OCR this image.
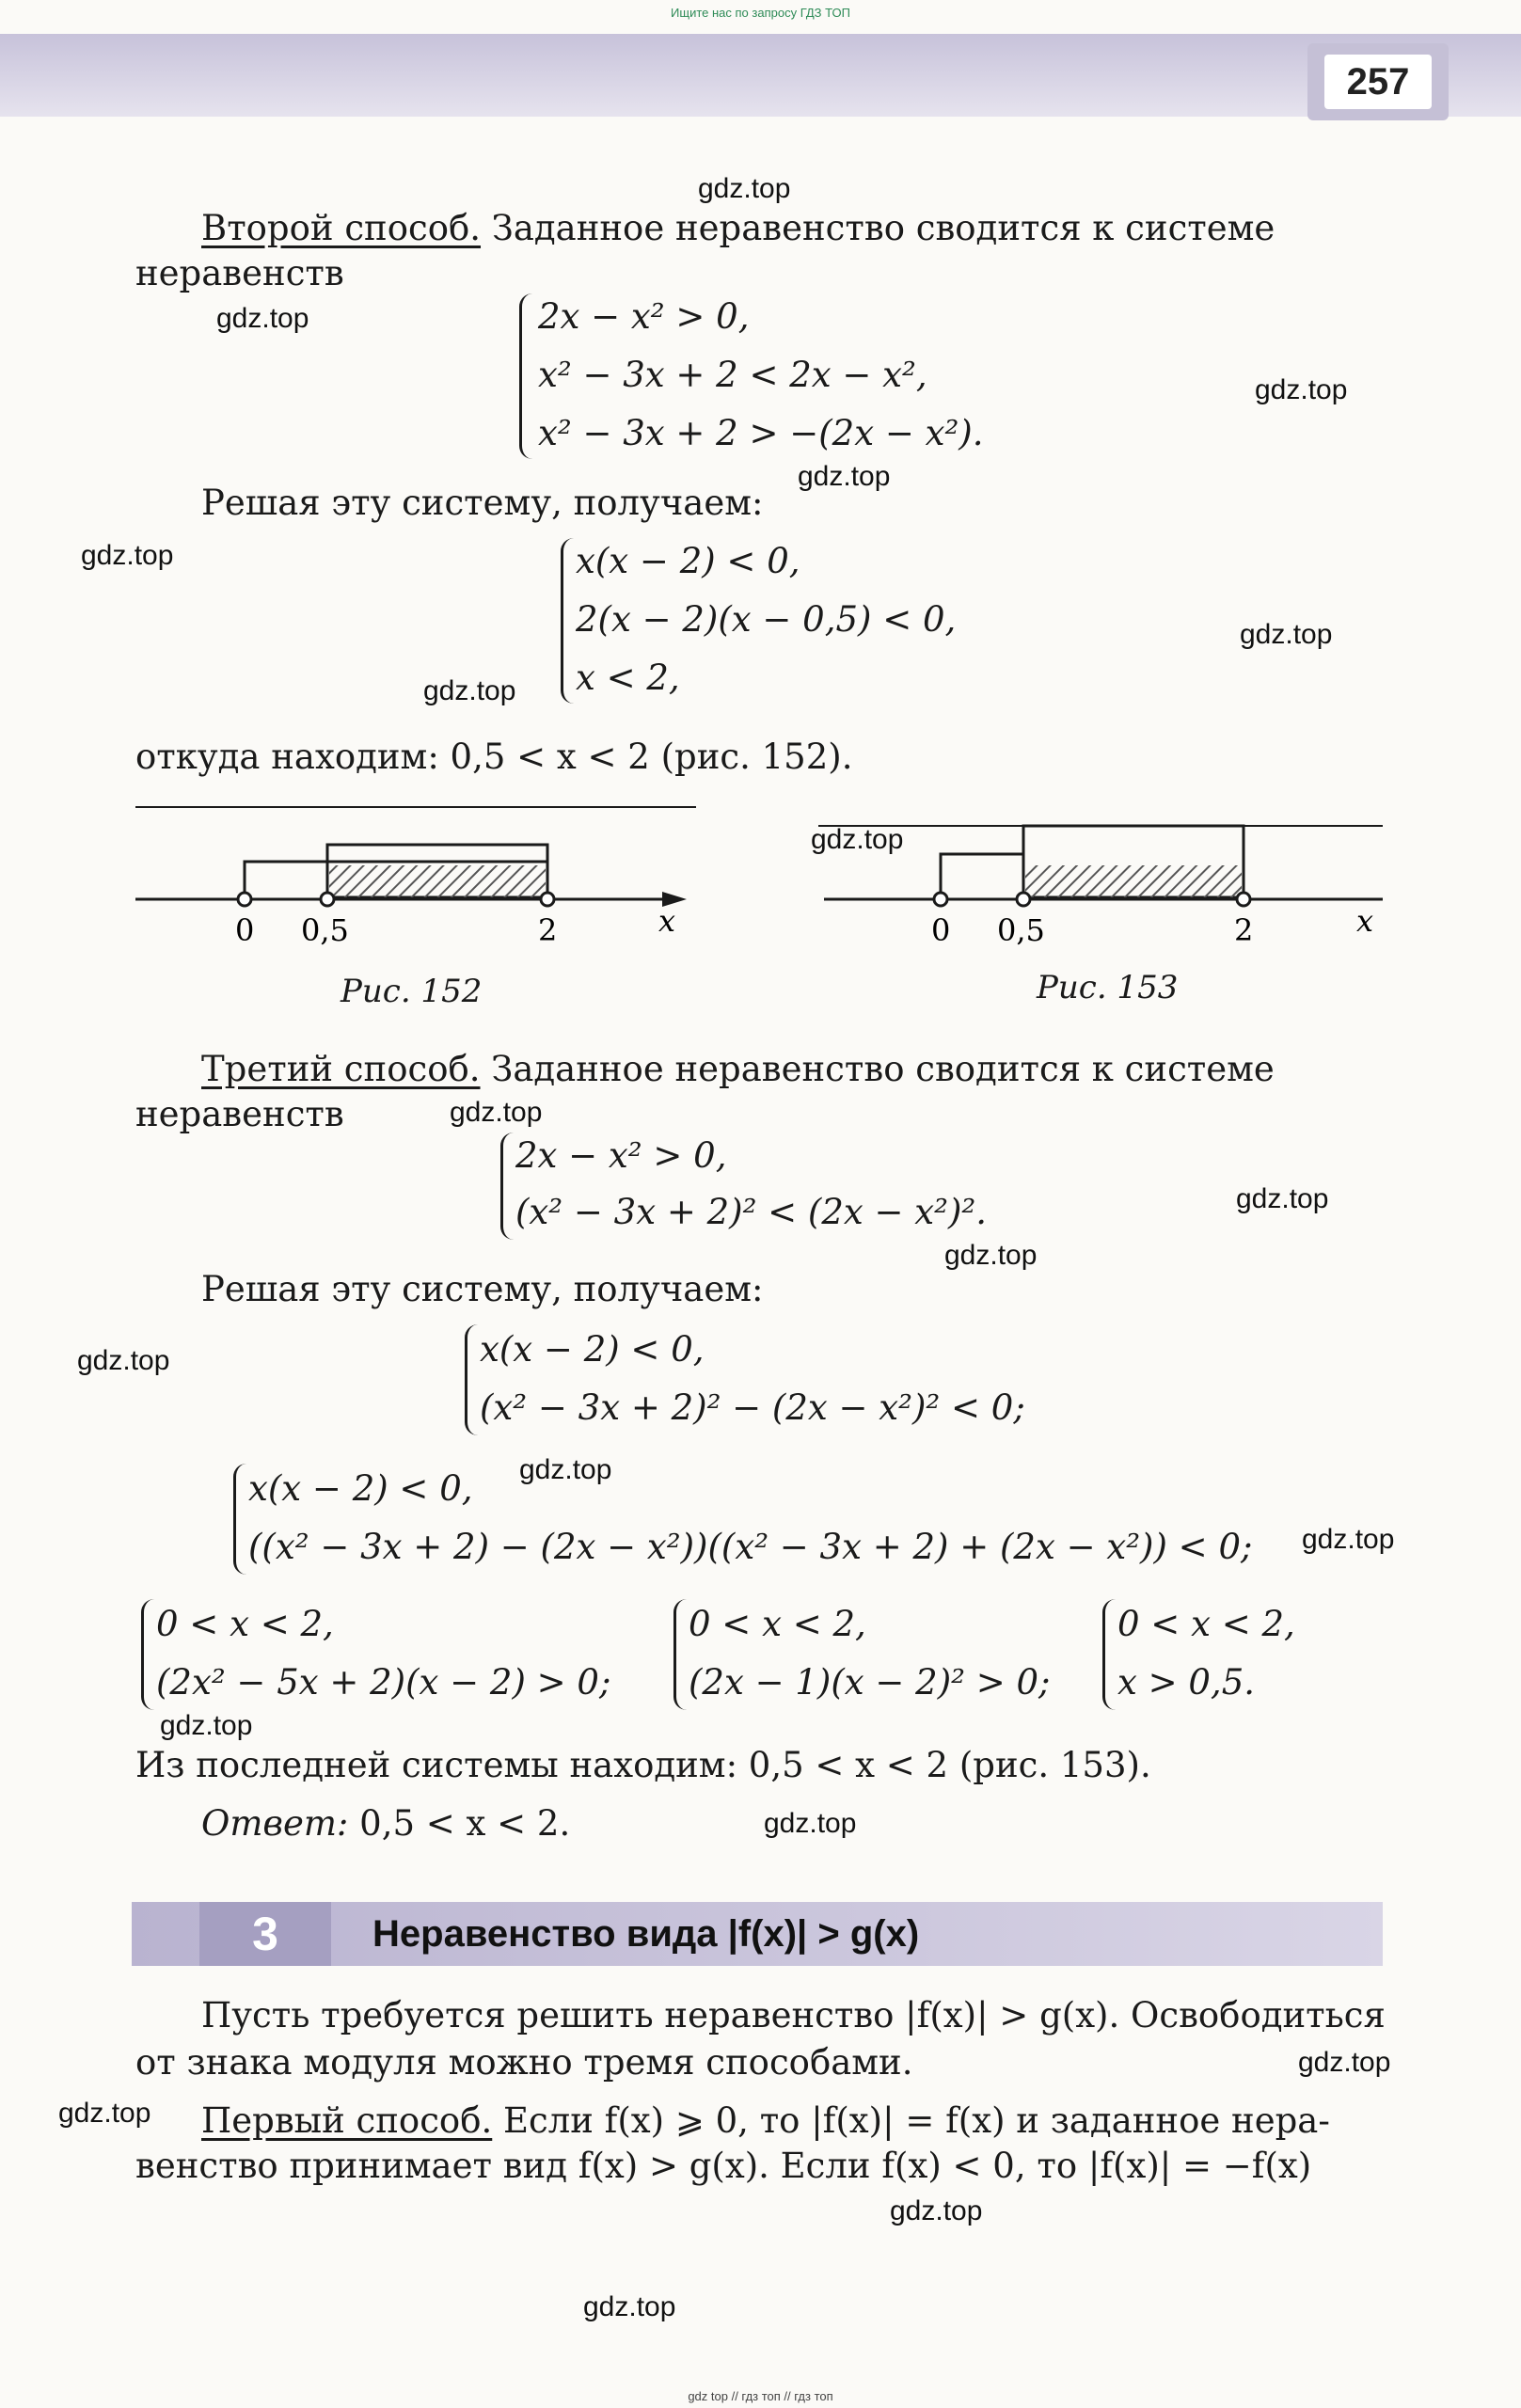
Ищите нас по запросу ГДЗ ТОП
257
gdz.top
gdz.top
gdz.top
gdz.top
gdz.top
gdz.top
gdz.top
gdz.top
gdz.top
gdz.top
gdz.top
gdz.top
gdz.top
gdz.top
gdz.top
gdz.top
gdz.top
gdz.top
gdz.top
gdz.top
Второй способ. Заданное неравенство сводится к системе
неравенств
2x − x² > 0,
x² − 3x + 2 < 2x − x²,
x² − 3x + 2 > −(2x − x²).
Решая эту систему, получаем:
x(x − 2) < 0,
2(x − 2)(x − 0,5) < 0,
x < 2,
откуда находим: 0,5 < x < 2 (рис. 152).
0 0,5	2	x
Рис. 152
0 0,5	2	x
Рис. 153
Третий способ. Заданное неравенство сводится к системе
неравенств
2x − x² > 0,
(x² − 3x + 2)² < (2x − x²)².
Решая эту систему, получаем:
x(x − 2) < 0,
(x² − 3x + 2)² − (2x − x²)² < 0;
x(x − 2) < 0,
((x² − 3x + 2) − (2x − x²))((x² − 3x + 2) + (2x − x²)) < 0;
0 < x < 2,
(2x² − 5x + 2)(x − 2) > 0;
0 < x < 2,
(2x − 1)(x − 2)² > 0;
0 < x < 2,
x > 0,5.
Из последней системы находим: 0,5 < x < 2 (рис. 153).
Ответ: 0,5 < x < 2.
3	Неравенство вида |f(x)| > g(x)
Пусть требуется решить неравенство |f(x)| > g(x). Освободиться
от знака модуля можно тремя способами.
Первый способ. Если f(x) ⩾ 0, то |f(x)| = f(x) и заданное нера-
венство принимает вид f(x) > g(x). Если f(x) < 0, то |f(x)| = −f(x)
gdz top // гдз топ // гдз топ
